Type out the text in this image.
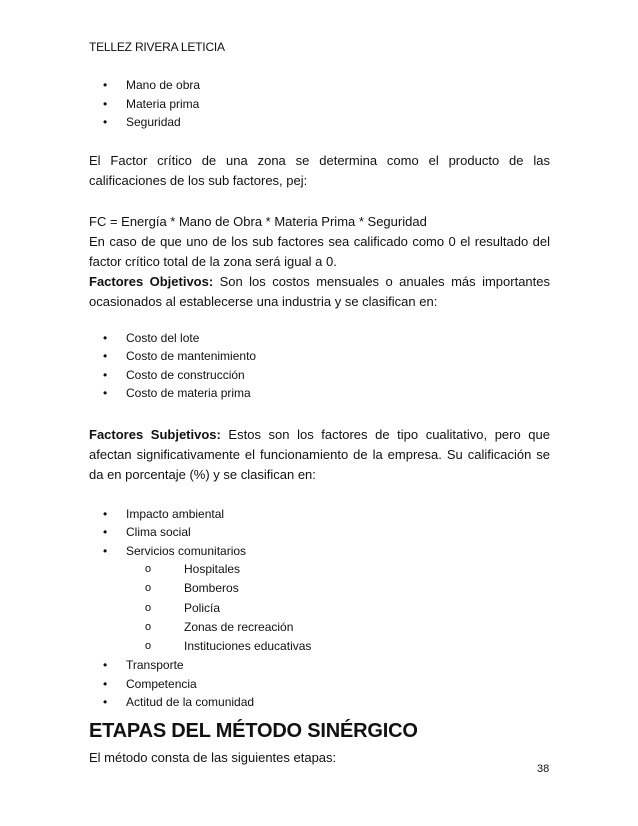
TELLEZ RIVERA LETICIA
• Mano de obra
• Materia prima
• Seguridad

El Factor crítico de una zona se determina como el producto de las calificaciones de los sub factores, pej:

FC = Energía * Mano de Obra * Materia Prima * Seguridad

En caso de que uno de los sub factores sea calificado como 0 el resultado del factor crítico total de la zona será igual a 0.

Factores Objetivos: Son los costos mensuales o anuales más importantes ocasionados al establecerse una industria y se clasifican en:

• Costo del lote
• Costo de mantenimiento
• Costo de construcción
• Costo de materia prima

Factores Subjetivos: Estos son los factores de tipo cualitativo, pero que afectan significativamente el funcionamiento de la empresa. Su calificación se da en porcentaje (%) y se clasifican en:

• Impacto ambiental
• Clima social
• Servicios comunitarios
o	Hospitales
o	Bomberos
o	Policía
o	Zonas de recreación
o	Instituciones educativas
• Transporte
• Competencia
• Actitud de la comunidad
ETAPAS DEL MÉTODO SINÉRGICO

El método consta de las siguientes etapas:

38
